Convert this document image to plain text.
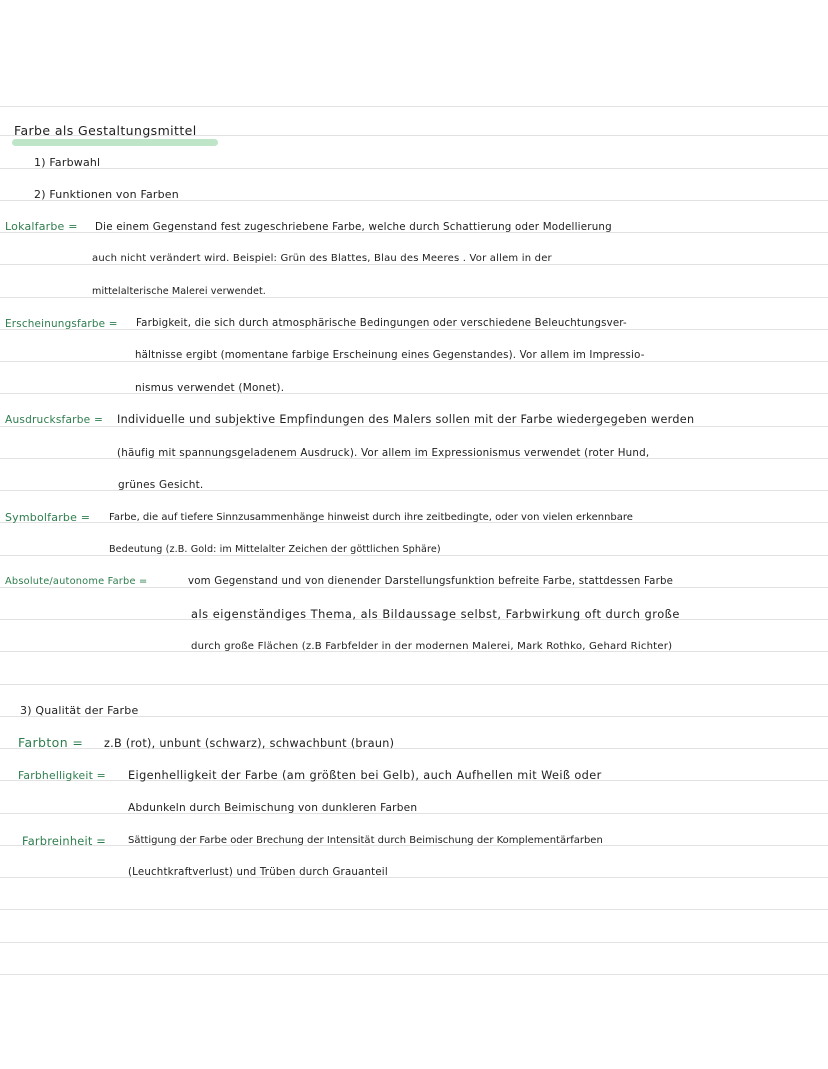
Farbe als Gestaltungsmittel
1) Farbwahl
2) Funktionen von Farben
Lokalfarbe = Die einem Gegenstand fest zugeschriebene Farbe, welche durch Schattierung oder Modellierung
auch nicht verändert wird. Beispiel: Grün des Blattes, Blau des Meeres . Vor allem in der
mittelalterische Malerei verwendet.
Erscheinungsfarbe = Farbigkeit, die sich durch atmosphärische Bedingungen oder verschiedene Beleuchtungsver-
hältnisse ergibt (momentane farbige Erscheinung eines Gegenstandes). Vor allem im Impressio-
nismus verwendet (Monet).
Ausdrucksfarbe = Individuelle und subjektive Empfindungen des Malers sollen mit der Farbe wiedergegeben werden
(häufig mit spannungsgeladenem Ausdruck). Vor allem im Expressionismus verwendet (roter Hund,
grünes Gesicht.
Symbolfarbe = Farbe, die auf tiefere Sinnzusammenhänge hinweist durch ihre zeitbedingte, oder von vielen erkennbare
Bedeutung (z.B. Gold: im Mittelalter Zeichen der göttlichen Sphäre)
Absolute/autonome Farbe =	vom Gegenstand und von dienender Darstellungsfunktion befreite Farbe, stattdessen Farbe
als eigenständiges Thema, als Bildaussage selbst, Farbwirkung oft durch große
durch große Flächen (z.B Farbfelder in der modernen Malerei, Mark Rothko, Gehard Richter)
3) Qualität der Farbe
Farbton = z.B (rot), unbunt (schwarz), schwachbunt (braun)
Farbhelligkeit = Eigenhelligkeit der Farbe (am größten bei Gelb), auch Aufhellen mit Weiß oder
Abdunkeln durch Beimischung von dunkleren Farben
Farbreinheit = Sättigung der Farbe oder Brechung der Intensität durch Beimischung der Komplementärfarben
(Leuchtkraftverlust) und Trüben durch Grauanteil
